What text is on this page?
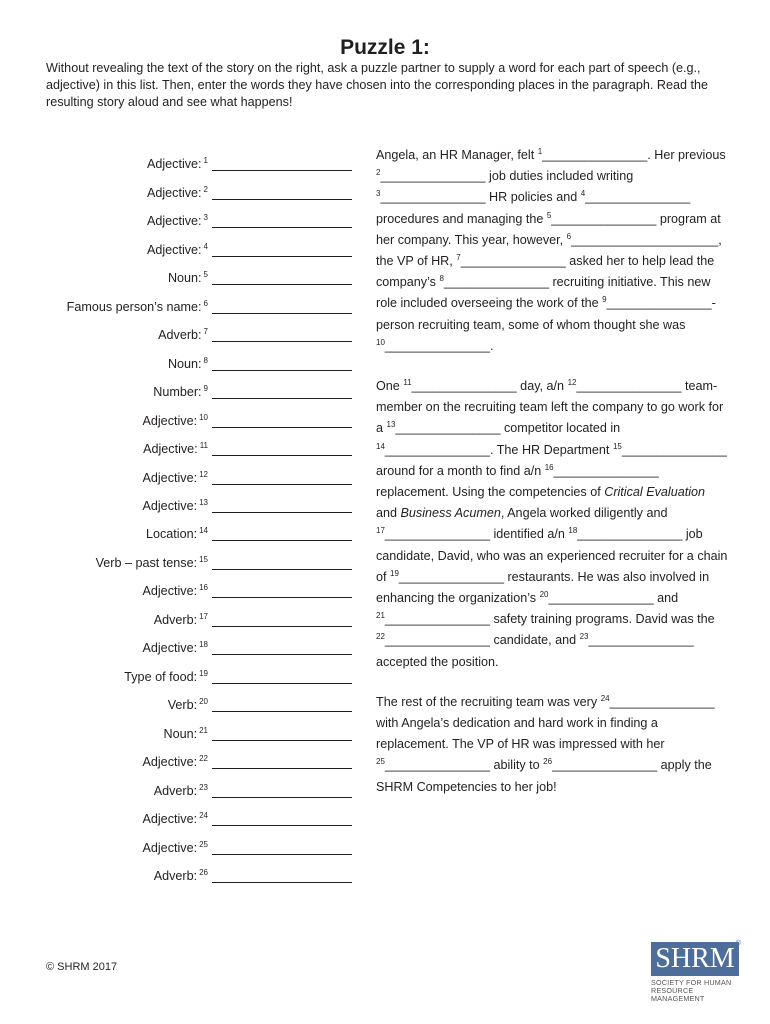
Puzzle 1:

Without revealing the text of the story on the right, ask a puzzle partner to supply a word for each part of speech (e.g., adjective) in this list. Then, enter the words they have chosen into the corresponding places in the paragraph. Read the resulting story aloud and see what happens!

Adjective: $^1$
Adjective: $^2$
Adjective: $^3$
Adjective: $^4$
Noun: $^5$
Famous person’s name: $^6$
Adverb: $^7$
Noun: $^8$
Number: $^9$
Adjective: $^{10}$
Adjective: $^{11}$
Adjective: $^{12}$
Adjective: $^{13}$
Location: $^{14}$
Verb – past tense: $^{15}$
Adjective: $^{16}$
Adverb: $^{17}$
Adjective: $^{18}$
Type of food: $^{19}$
Verb: $^{20}$
Noun: $^{21}$
Adjective: $^{22}$
Adverb: $^{23}$
Adjective: $^{24}$
Adjective: $^{25}$
Adverb: $^{26}$

Angela, an HR Manager, felt $^1$_______________. Her previous $^2$_______________ job duties included writing $^3$_______________ HR policies and $^4$_______________ procedures and managing the $^5$_______________ program at her company. This year, however, $^6$_____________________, the VP of HR, $^7$_______________ asked her to help lead the company’s $^8$_______________ recruiting initiative. This new role included overseeing the work of the $^9$_______________-person recruiting team, some of whom thought she was $^{10}$_______________.

One $^{11}$_______________ day, a/n $^{12}$_______________ team-member on the recruiting team left the company to go work for a $^{13}$_______________ competitor located in $^{14}$_______________. The HR Department $^{15}$_______________ around for a month to find a/n $^{16}$_______________ replacement. Using the competencies of Critical Evaluation and Business Acumen, Angela worked diligently and $^{17}$_______________ identified a/n $^{18}$_______________ job candidate, David, who was an experienced recruiter for a chain of $^{19}$_______________ restaurants. He was also involved in enhancing the organization’s $^{20}$_______________ and $^{21}$_______________ safety training programs. David was the $^{22}$_______________ candidate, and $^{23}$_______________ accepted the position.

The rest of the recruiting team was very $^{24}$_______________ with Angela’s dedication and hard work in finding a replacement. The VP of HR was impressed with her $^{25}$_______________ ability to $^{26}$_______________ apply the SHRM Competencies to her job!

© SHRM 2017	SHRM ®
SOCIETY FOR HUMAN
RESOURCE MANAGEMENT
